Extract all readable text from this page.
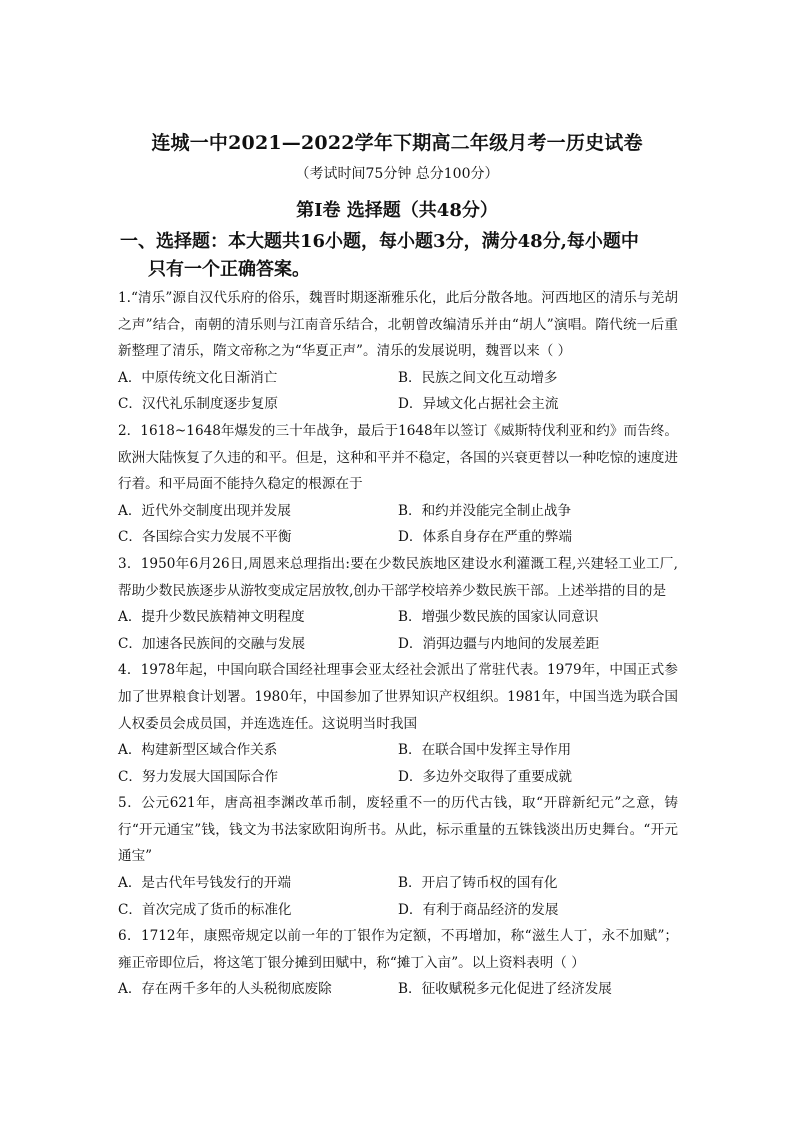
连城一中2021—2022学年下期高二年级月考一历史试卷
（考试时间75分钟 总分100分）
第Ⅰ卷 选择题（共48分）
一、选择题：本大题共16小题，每小题3分，满分48分,每小题中
只有一个正确答案。

1.“清乐”源自汉代乐府的俗乐，魏晋时期逐渐雅乐化，此后分散各地。河西地区的清乐与羌胡之声”结合，南朝的清乐则与江南音乐结合，北朝曾改编清乐并由“胡人”演唱。隋代统一后重新整理了清乐，隋文帝称之为“华夏正声”。清乐的发展说明，魏晋以来（ ）

A．中原传统文化日渐消亡	B．民族之间文化互动增多
C．汉代礼乐制度逐步复原	D．异域文化占据社会主流

2．1618~1648年爆发的三十年战争，最后于1648年以签订《威斯特伐利亚和约》而告终。欧洲大陆恢复了久违的和平。但是，这种和平并不稳定，各国的兴衰更替以一种吃惊的速度进行着。和平局面不能持久稳定的根源在于

A．近代外交制度出现并发展	B．和约并没能完全制止战争
C．各国综合实力发展不平衡	D．体系自身存在严重的弊端

3．1950年6月26日,周恩来总理指出:要在少数民族地区建设水利灌溉工程,兴建轻工业工厂,帮助少数民族逐步从游牧变成定居放牧,创办干部学校培养少数民族干部。上述举措的目的是

A．提升少数民族精神文明程度	B．增强少数民族的国家认同意识
C．加速各民族间的交融与发展	D．消弭边疆与内地间的发展差距

4．1978年起，中国向联合国经社理事会亚太经社会派出了常驻代表。1979年，中国正式参加了世界粮食计划署。1980年，中国参加了世界知识产权组织。1981年，中国当选为联合国人权委员会成员国，并连选连任。这说明当时我国

A．构建新型区域合作关系	B．在联合国中发挥主导作用
C．努力发展大国国际合作	D．多边外交取得了重要成就

5．公元621年，唐高祖李渊改革币制，废轻重不一的历代古钱，取“开辟新纪元”之意，铸行“开元通宝”钱，钱文为书法家欧阳询所书。从此，标示重量的五铢钱淡出历史舞台。“开元通宝”

A．是古代年号钱发行的开端	B．开启了铸币权的国有化
C．首次完成了货币的标准化	D．有利于商品经济的发展

6．1712年，康熙帝规定以前一年的丁银作为定额，不再增加，称“滋生人丁，永不加赋”；雍正帝即位后，将这笔丁银分摊到田赋中，称“摊丁入亩”。以上资料表明（ ）

A．存在两千多年的人头税彻底废除	B．征收赋税多元化促进了经济发展
